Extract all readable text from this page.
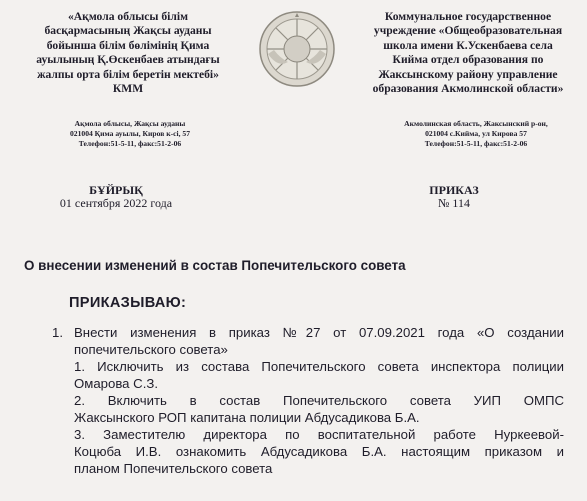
«Ақмола облысы білім
басқармасының Жақсы ауданы
бойынша білім бөлімінің Қима
ауылының Қ.Өскенбаев атындағы
жалпы орта білім беретін мектебі»
КММ
Коммунальное государственное
учреждение «Общеобразовательная
школа имени К.Ускенбаева села
Кийма отдел образования по
Жаксынскому району управление
образования Акмолинской области»
Ақмола облысы, Жақсы ауданы
021004 Қима ауылы, Киров к-сі, 57
Телефон:51-5-11, факс:51-2-06
Акмолинская область, Жаксынский р-он,
021004 с.Кийма, ул Кирова 57
Телефон:51-5-11, факс:51-2-06
БҰЙРЫҚ
01 сентября 2022 года
ПРИКАЗ
№ 114
О внесении изменений в состав Попечительского совета
ПРИКАЗЫВАЮ:
1. Внести изменения в приказ №27 от 07.09.2021 года «О создании

попечительского совета»

1. Исключить из состава Попечительского совета инспектора полиции

Омарова С.З.

2. Включить в состав Попечительского совета УИП ОМПС

Жаксынского РОП капитана полиции Абдусадикова Б.А.

3. Заместителю директора по воспитательной работе Нуркеевой-

Коцюба И.В. ознакомить Абдусадикова Б.А. настоящим приказом и

планом Попечительского совета
